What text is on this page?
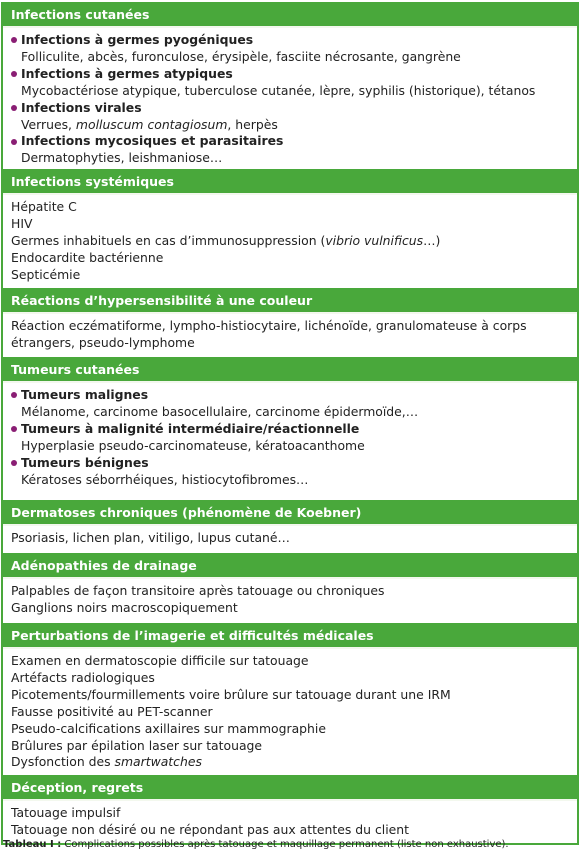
Infections cutanées
Infections à germes pyogéniques
Folliculite, abcès, furonculose, érysipèle, fasciite nécrosante, gangrène
Infections à germes atypiques
Mycobactériose atypique, tuberculose cutanée, lèpre, syphilis (historique), tétanos
Infections virales
Verrues, molluscum contagiosum, herpès
Infections mycosiques et parasitaires
Dermatophyties, leishmaniose…
Infections systémiques
Hépatite C
HIV
Germes inhabituels en cas d’immunosuppression (vibrio vulnificus…)
Endocardite bactérienne
Septicémie
Réactions d’hypersensibilité à une couleur
Réaction eczématiforme, lympho-histiocytaire, lichénoïde, granulomateuse à corps
étrangers, pseudo-lymphome
Tumeurs cutanées
Tumeurs malignes
Mélanome, carcinome basocellulaire, carcinome épidermoïde,…
Tumeurs à malignité intermédiaire/réactionnelle
Hyperplasie pseudo-carcinomateuse, kératoacanthome
Tumeurs bénignes
Kératoses séborrhéiques, histiocytofibromes…
Dermatoses chroniques (phénomène de Koebner)
Psoriasis, lichen plan, vitiligo, lupus cutané…
Adénopathies de drainage
Palpables de façon transitoire après tatouage ou chroniques
Ganglions noirs macroscopiquement
Perturbations de l’imagerie et difficultés médicales
Examen en dermatoscopie difficile sur tatouage
Artéfacts radiologiques
Picotements/fourmillements voire brûlure sur tatouage durant une IRM
Fausse positivité au PET-scanner
Pseudo-calcifications axillaires sur mammographie
Brûlures par épilation laser sur tatouage
Dysfonction des smartwatches
Déception, regrets
Tatouage impulsif
Tatouage non désiré ou ne répondant pas aux attentes du client
Tableau I : Complications possibles après tatouage et maquillage permanent (liste non exhaustive).
